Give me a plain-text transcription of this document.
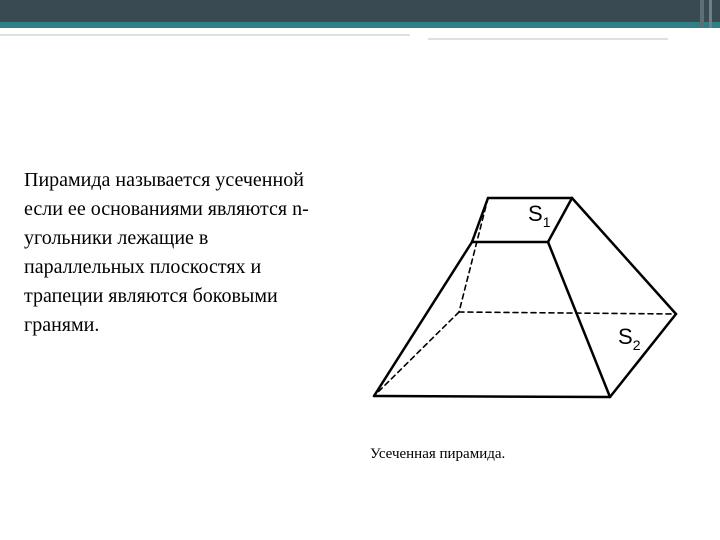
Пирамида называется усеченной если ее основаниями являются n-угольники лежащие в параллельных плоскостях и трапеции являются боковыми гранями.

$S_1$
$S_2$
Усеченная пирамида.
